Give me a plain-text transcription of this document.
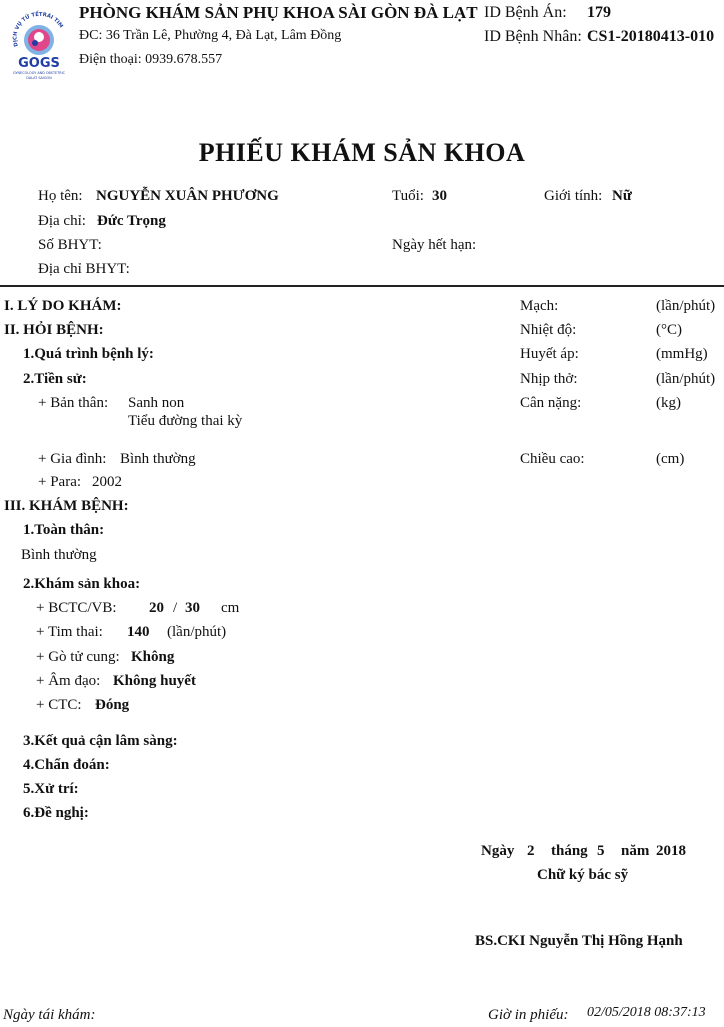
DỊCH VỤ TỬ TẾ TRÁI TIM
GOGS
GYNECOLOGY AND OBSTETRIC
DALAT SAIGON
PHÒNG KHÁM SẢN PHỤ KHOA SÀI GÒN ĐÀ LẠT
ĐC: 36 Trần Lê, Phường 4, Đà Lạt, Lâm Đồng
Điện thoại: 0939.678.557
ID Bệnh Án: 179
ID Bệnh Nhân: CS1-20180413-010
PHIẾU KHÁM SẢN KHOA
Họ tên: NGUYỄN XUÂN PHƯƠNG	Tuổi: 30	Giới tính: Nữ
Địa chỉ: Đức Trọng
Số BHYT:	Ngày hết hạn:
Địa chỉ BHYT:
I. LÝ DO KHÁM:
II. HỎI BỆNH:
1.Quá trình bệnh lý:
2.Tiền sử:
+ Bản thân: Sanh non
Tiểu đường thai kỳ
+ Gia đình: Bình thường
+ Para: 2002
III. KHÁM BỆNH:
1.Toàn thân:
Bình thường
2.Khám sản khoa:
+ BCTC/VB: 20 / 30 cm
+ Tim thai: 140 (lần/phút)
+ Gò tử cung: Không
+ Âm đạo: Không huyết
+ CTC: Đóng
3.Kết quả cận lâm sàng:
4.Chẩn đoán:
5.Xử trí:
6.Đề nghị:
Mạch:	(lần/phút)
Nhiệt độ:	(°C)
Huyết áp:	(mmHg)
Nhịp thở:	(lần/phút)
Cân nặng:	(kg)
Chiều cao:	(cm)
Ngày 2 tháng 5 năm 2018
Chữ ký bác sỹ
BS.CKI Nguyễn Thị Hồng Hạnh
Ngày tái khám:	Giờ in phiếu: 02/05/2018 08:37:13
